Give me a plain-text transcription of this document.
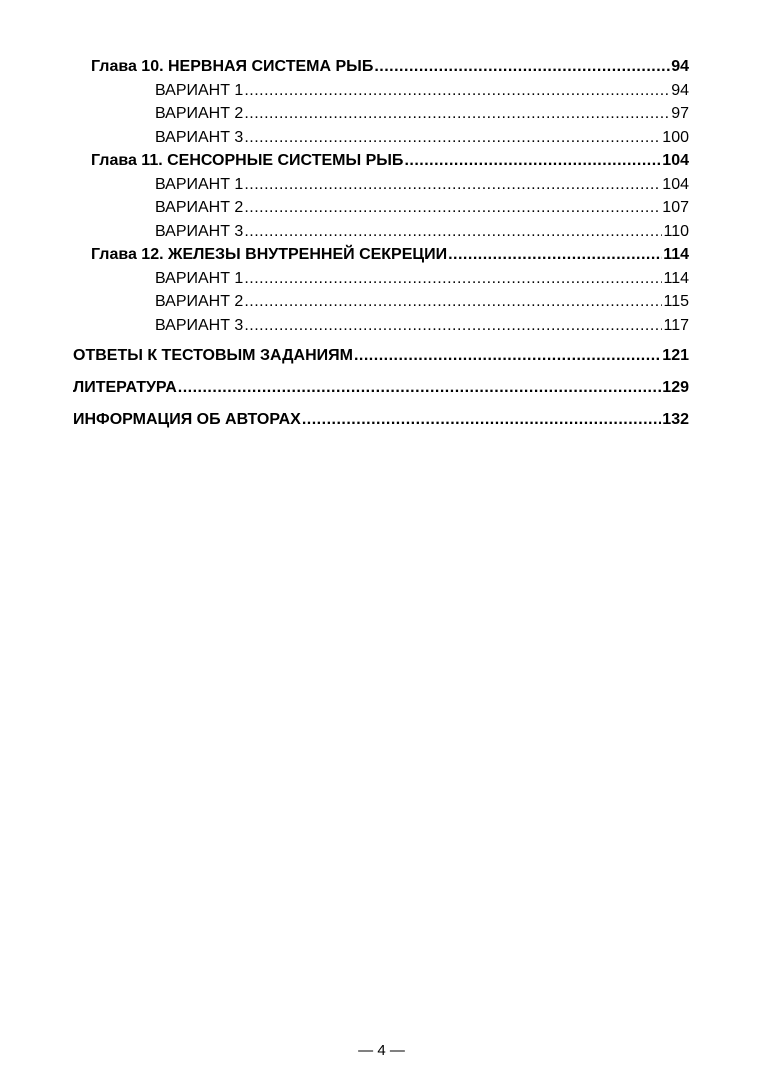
Глава 10. НЕРВНАЯ СИСТЕМА РЫБ .....	94
ВАРИАНТ 1 .....	94
ВАРИАНТ 2 .....	97
ВАРИАНТ 3 .....	100
Глава 11. СЕНСОРНЫЕ СИСТЕМЫ РЫБ .....	104
ВАРИАНТ 1 .....	104
ВАРИАНТ 2 .....	107
ВАРИАНТ 3 .....	110
Глава 12. ЖЕЛЕЗЫ ВНУТРЕННЕЙ СЕКРЕЦИИ .....	114
ВАРИАНТ 1 .....	114
ВАРИАНТ 2 .....	115
ВАРИАНТ 3 .....	117
ОТВЕТЫ К ТЕСТОВЫМ ЗАДАНИЯМ .....	121
ЛИТЕРАТУРА .....	129
ИНФОРМАЦИЯ ОБ АВТОРАХ .....	132
— 4 —
